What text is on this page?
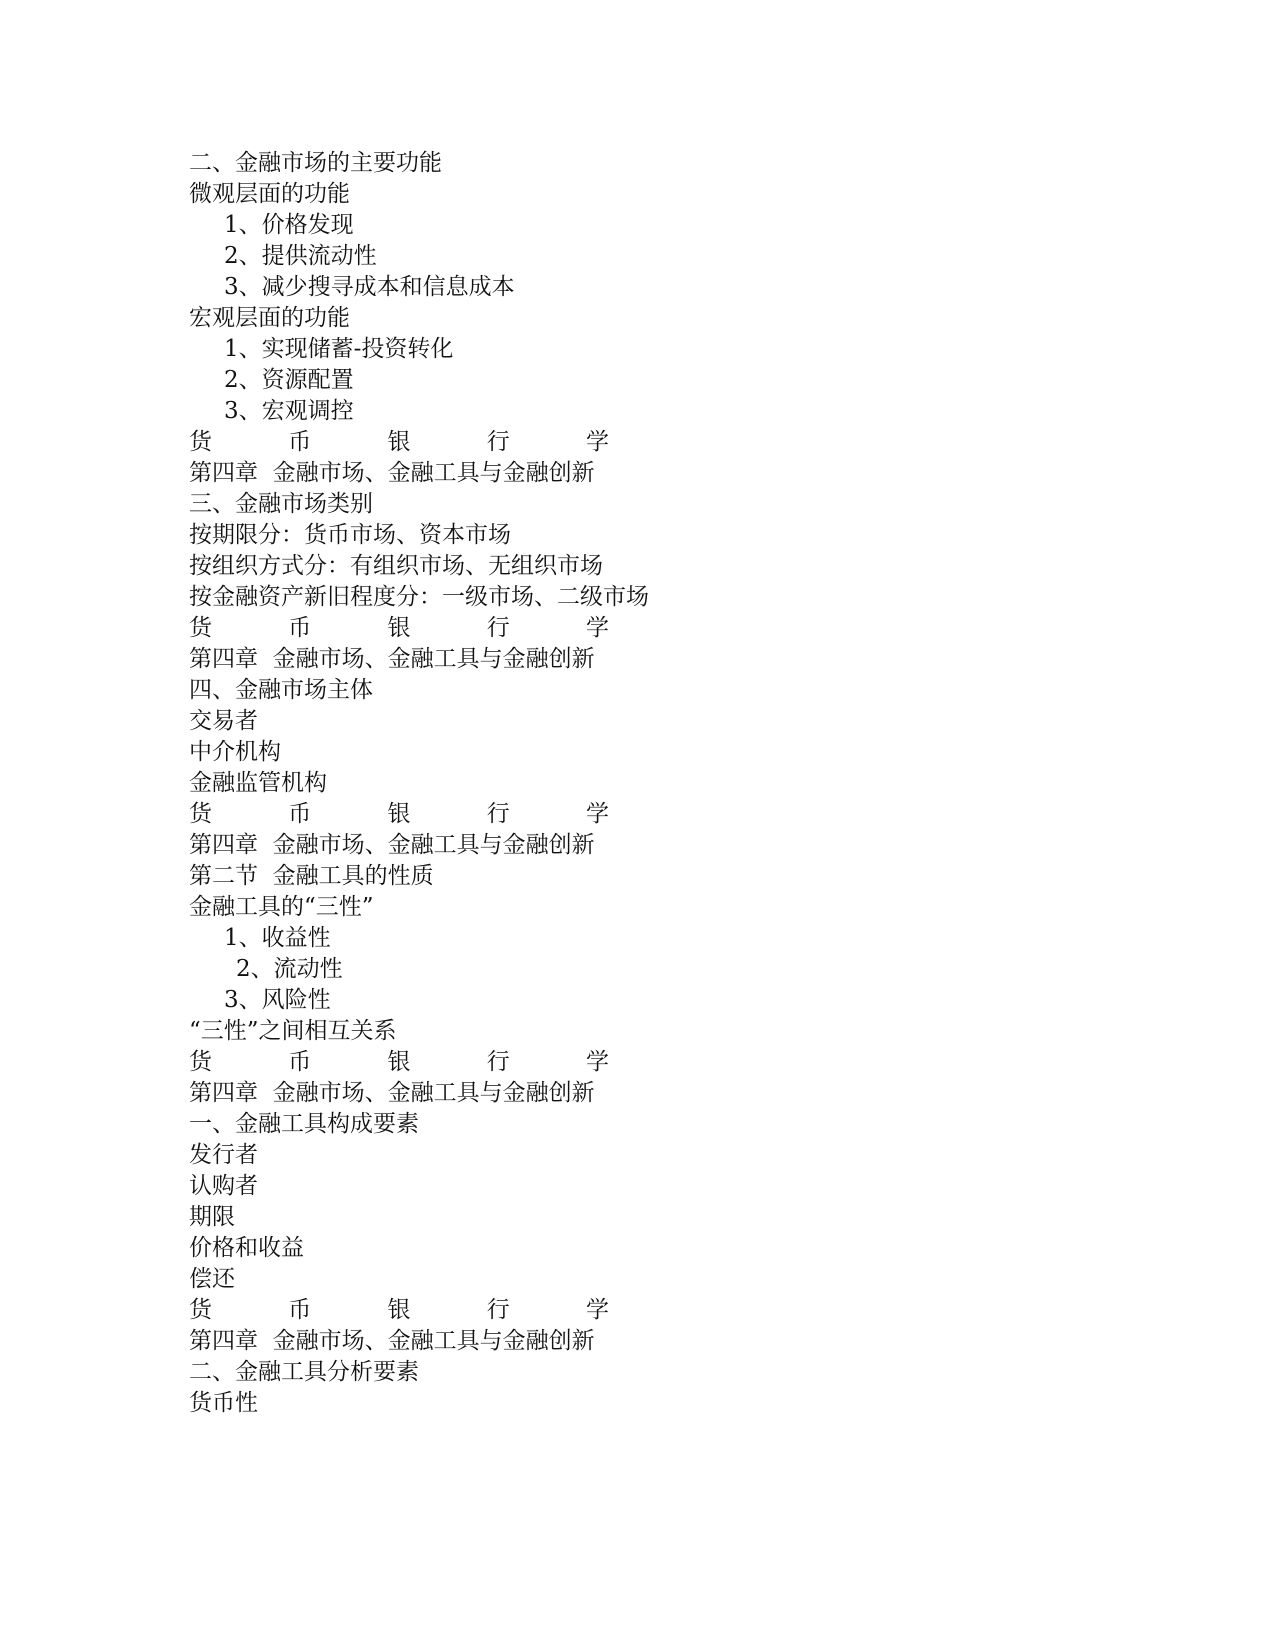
二、金融市场的主要功能
微观层面的功能
1、价格发现
2、提供流动性
3、减少搜寻成本和信息成本
宏观层面的功能
1、实现储蓄-投资转化
2、资源配置
3、宏观调控
货	币	银	行	学
第四章  金融市场、金融工具与金融创新
三、金融市场类别
按期限分：货币市场、资本市场
按组织方式分：有组织市场、无组织市场
按金融资产新旧程度分：一级市场、二级市场
货	币	银	行	学
第四章  金融市场、金融工具与金融创新
四、金融市场主体
交易者
中介机构
金融监管机构
货	币	银	行	学
第四章  金融市场、金融工具与金融创新
第二节  金融工具的性质
金融工具的“三性”
1、收益性
2、流动性
3、风险性
“三性”之间相互关系
货	币	银	行	学
第四章  金融市场、金融工具与金融创新
一、金融工具构成要素
发行者
认购者
期限
价格和收益
偿还
货	币	银	行	学
第四章  金融市场、金融工具与金融创新
二、金融工具分析要素
货币性
